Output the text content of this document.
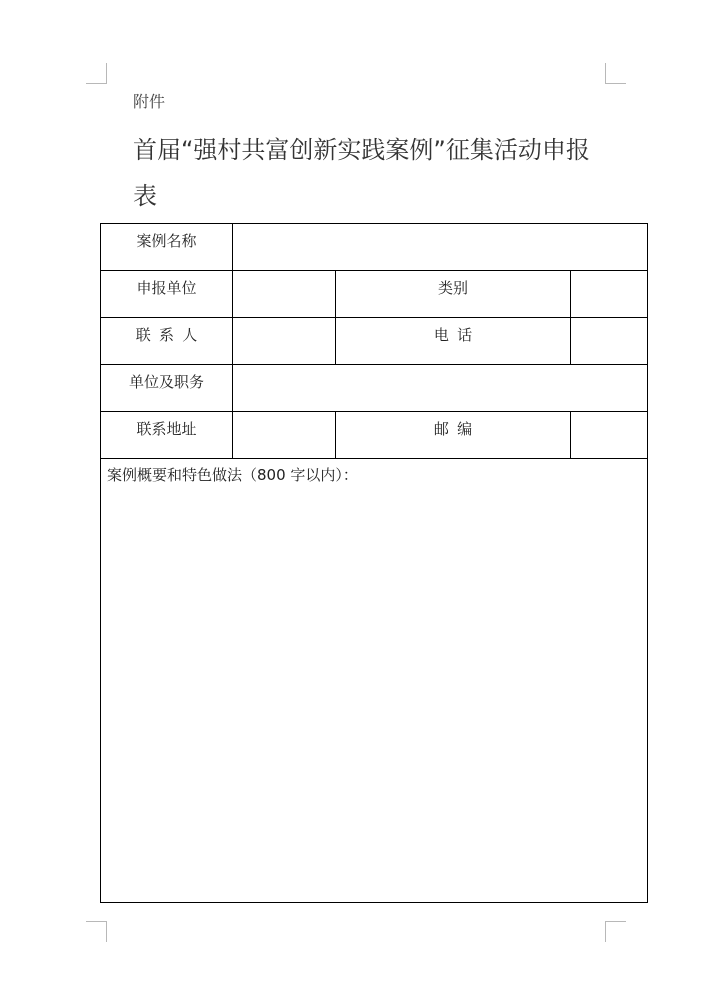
附件
首届“强村共富创新实践案例”征集活动申报表
案例名称			

申报单位		类别	

联系人		电话	

单位及职务			

联系地址		邮编	

案例概要和特色做法（800 字以内）：			
